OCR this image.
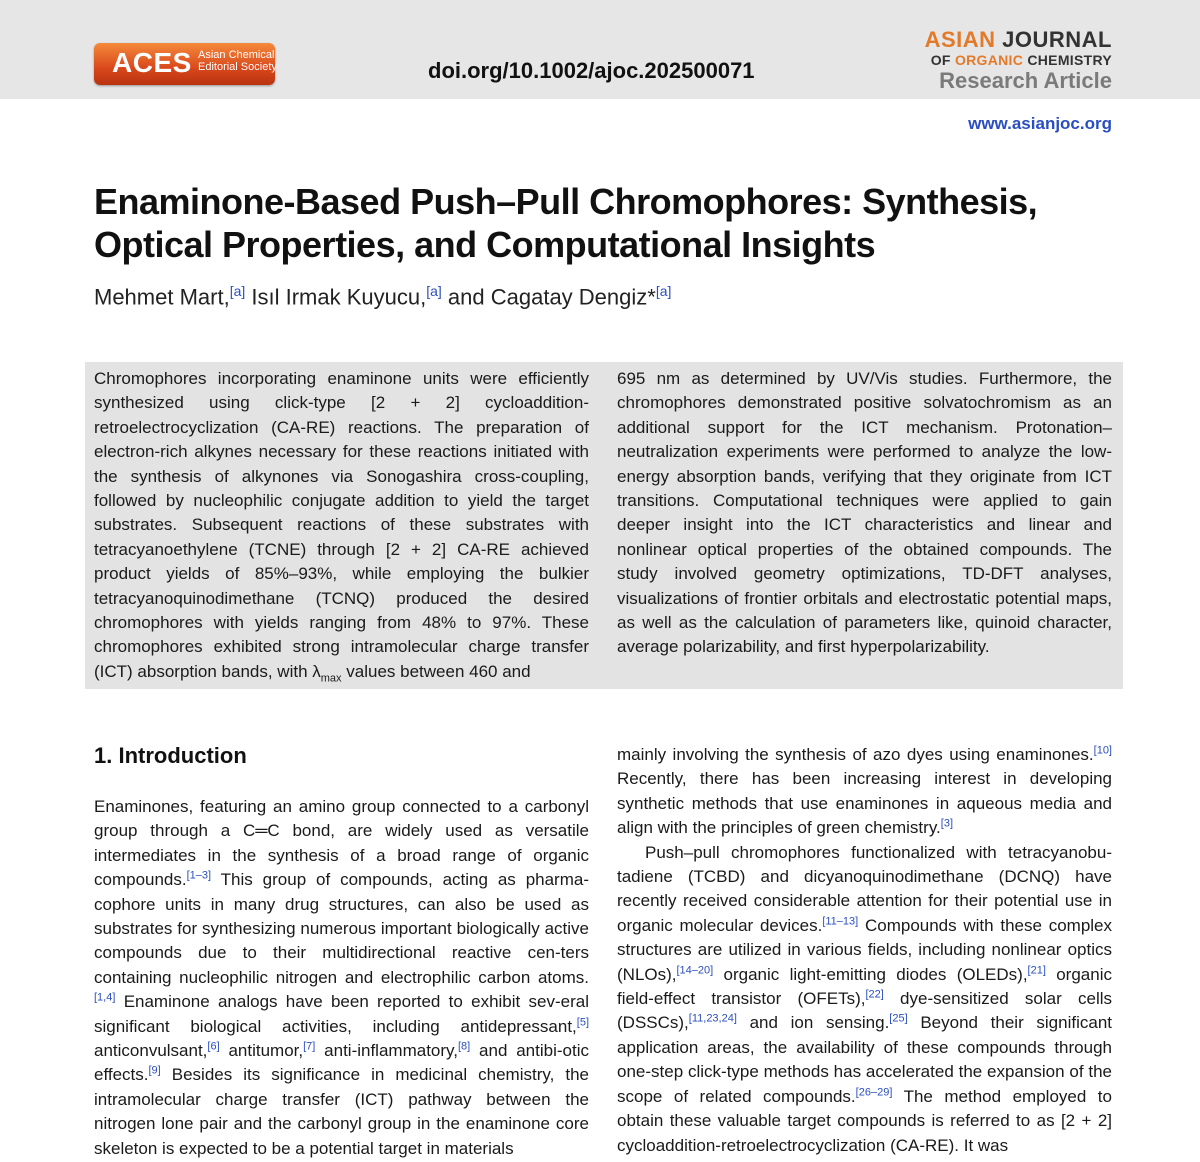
ACES Asian Chemical Editorial Society	doi.org/10.1002/ajoc.202500071
ASIAN JOURNAL
OF ORGANIC CHEMISTRY
Research Article
www.asianjoc.org
Enaminone-Based Push–Pull Chromophores: Synthesis,
Optical Properties, and Computational Insights
Mehmet Mart,[a] Isıl Irmak Kuyucu,[a] and Cagatay Dengiz*[a]

Chromophores incorporating enaminone units were efficiently synthesized using click-type [2 + 2] cycloaddition-retroelectrocyclization (CA-RE) reactions. The preparation of electron-rich alkynes necessary for these reactions initiated with the synthesis of alkynones via Sonogashira cross-coupling, followed by nucleophilic conjugate addition to yield the target substrates. Subsequent reactions of these substrates with tetracyanoethylene (TCNE) through [2 + 2] CA-RE achieved product yields of 85%–93%, while employing the bulkier tetracyanoquinodimethane (TCNQ) produced the desired chromophores with yields ranging from 48% to 97%. These chromophores exhibited strong intramolecular charge transfer (ICT) absorption bands, with $\lambda_{max}$ values between 460 and

695 nm as determined by UV/Vis studies. Furthermore, the chromophores demonstrated positive solvatochromism as an additional support for the ICT mechanism. Protonation–neutralization experiments were performed to analyze the low-energy absorption bands, verifying that they originate from ICT transitions. Computational techniques were applied to gain deeper insight into the ICT characteristics and linear and nonlinear optical properties of the obtained compounds. The study involved geometry optimizations, TD-DFT analyses, visualizations of frontier orbitals and electrostatic potential maps, as well as the calculation of parameters like, quinoid character, average polarizability, and first hyperpolarizability.

1. Introduction

Enaminones, featuring an amino group connected to a carbonyl group through a C═C bond, are widely used as versatile intermediates in the synthesis of a broad range of organic compounds.[1–3] This group of compounds, acting as pharma-cophore units in many drug structures, can also be used as substrates for synthesizing numerous important biologically active compounds due to their multidirectional reactive cen-ters containing nucleophilic nitrogen and electrophilic carbon atoms.[1,4] Enaminone analogs have been reported to exhibit sev-eral significant biological activities, including antidepressant,[5] anticonvulsant,[6] antitumor,[7] anti-inflammatory,[8] and antibi-otic effects.[9] Besides its significance in medicinal chemistry, the intramolecular charge transfer (ICT) pathway between the nitrogen lone pair and the carbonyl group in the enaminone core skeleton is expected to be a potential target in materials

mainly involving the synthesis of azo dyes using enaminones.[10] Recently, there has been increasing interest in developing synthetic methods that use enaminones in aqueous media and align with the principles of green chemistry.[3]

Push–pull chromophores functionalized with tetracyanobu-tadiene (TCBD) and dicyanoquinodimethane (DCNQ) have recently received considerable attention for their potential use in organic molecular devices.[11–13] Compounds with these complex structures are utilized in various fields, including nonlinear optics (NLOs),[14–20] organic light-emitting diodes (OLEDs),[21] organic field-effect transistor (OFETs),[22] dye-sensitized solar cells (DSSCs),[11,23,24] and ion sensing.[25] Beyond their significant application areas, the availability of these compounds through one-step click-type methods has accelerated the expansion of the scope of related compounds.[26–29] The method employed to obtain these valuable target compounds is referred to as [2 + 2] cycloaddition-retroelectrocyclization (CA-RE). It was
